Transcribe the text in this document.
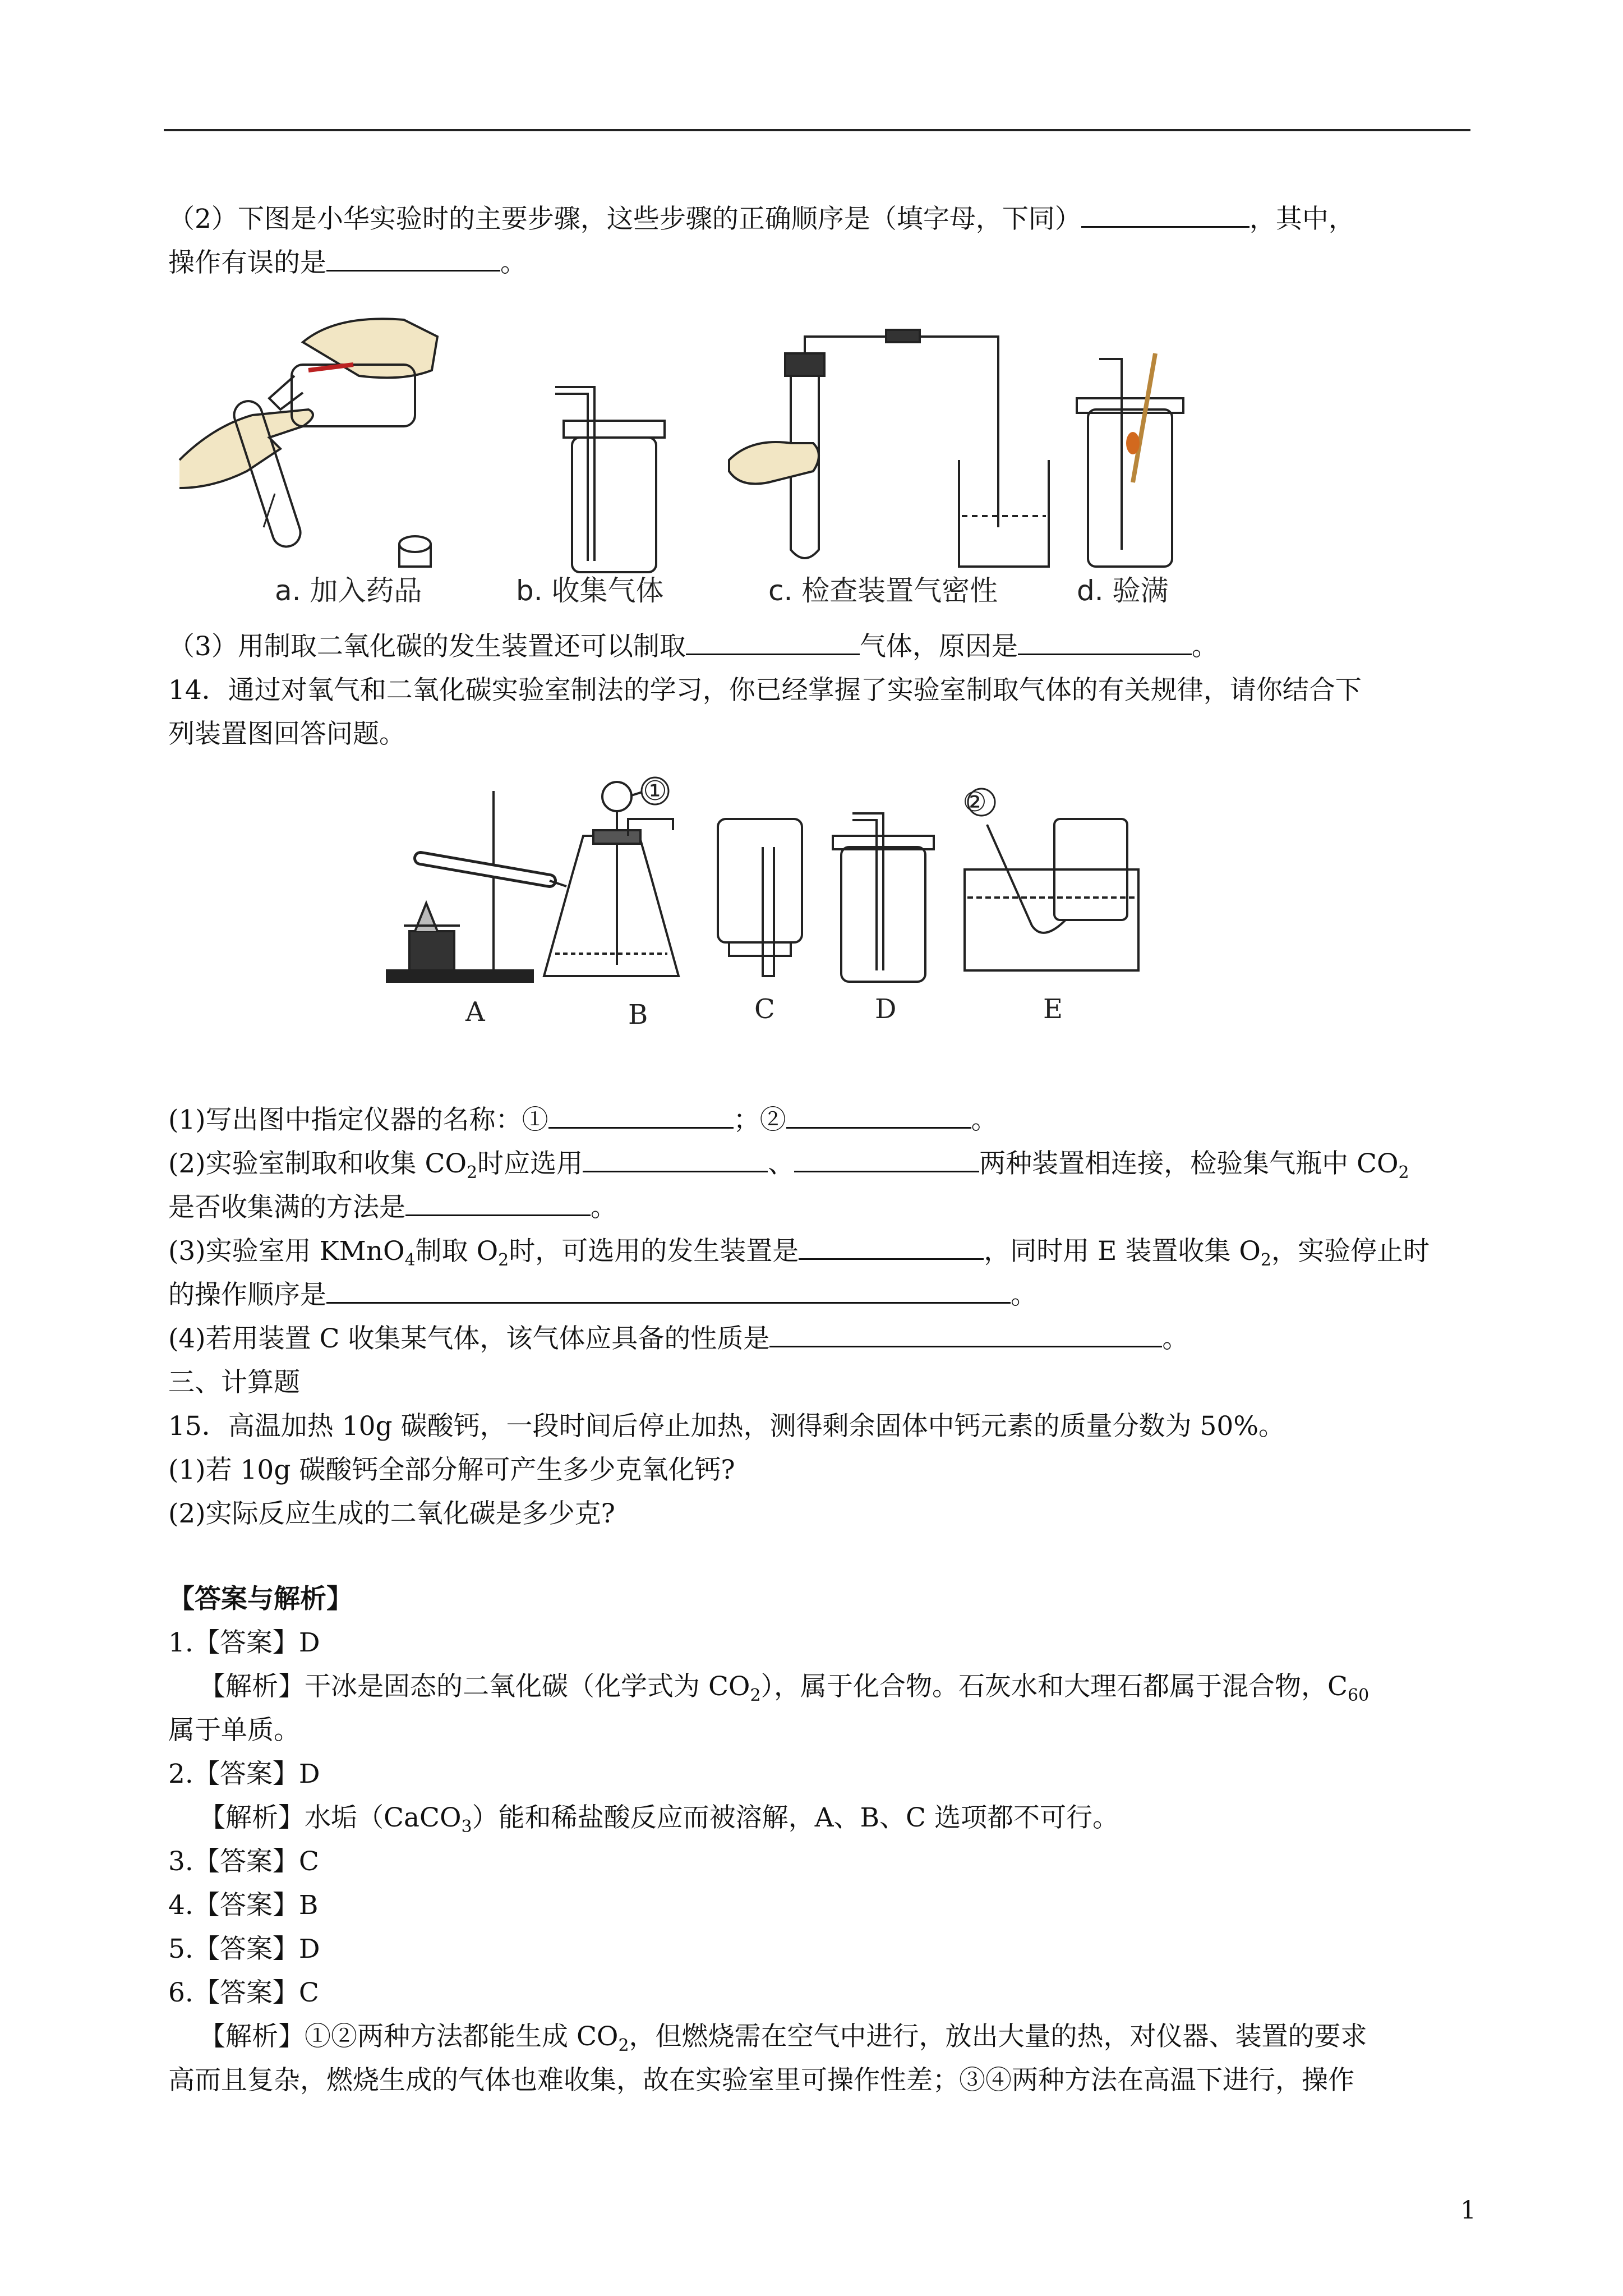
（2）下图是小华实验时的主要步骤，这些步骤的正确顺序是（填字母，下同）	，其中，
操作有误的是	。
a. 加入药品	b. 收集气体	c. 检查装置气密性	d. 验满
（3）用制取二氧化碳的发生装置还可以制取	气体，原因是	。
14．通过对氧气和二氧化碳实验室制法的学习，你已经掌握了实验室制取气体的有关规律，请你结合下
列装置图回答问题。
②
①
A	B	C	D	E
(1)写出图中指定仪器的名称：①	；②	。
(2)实验室制取和收集 $CO_2$时应选用	、	两种装置相连接，检验集气瓶中 $CO_2$
是否收集满的方法是	。
(3)实验室用 KMnO$_4$制取 $O_2$时，可选用的发生装置是	，同时用 E 装置收集 $O_2$，实验停止时
的操作顺序是	。
(4)若用装置 C 收集某气体，该气体应具备的性质是	。
三、计算题
15．高温加热 10g 碳酸钙，一段时间后停止加热，测得剩余固体中钙元素的质量分数为 50%。
(1)若 10g 碳酸钙全部分解可产生多少克氧化钙?
(2)实际反应生成的二氧化碳是多少克?
【答案与解析】
1.【答案】D
【解析】干冰是固态的二氧化碳（化学式为 $CO_2$），属于化合物。石灰水和大理石都属于混合物，$C_{60}$
属于单质。
2.【答案】D
【解析】水垢（CaCO$_3$）能和稀盐酸反应而被溶解，A、B、C 选项都不可行。
3.【答案】C
4.【答案】B
5.【答案】D
6.【答案】C
【解析】①②两种方法都能生成 $CO_2$，但燃烧需在空气中进行，放出大量的热，对仪器、装置的要求
高而且复杂，燃烧生成的气体也难收集，故在实验室里可操作性差；③④两种方法在高温下进行，操作
1
